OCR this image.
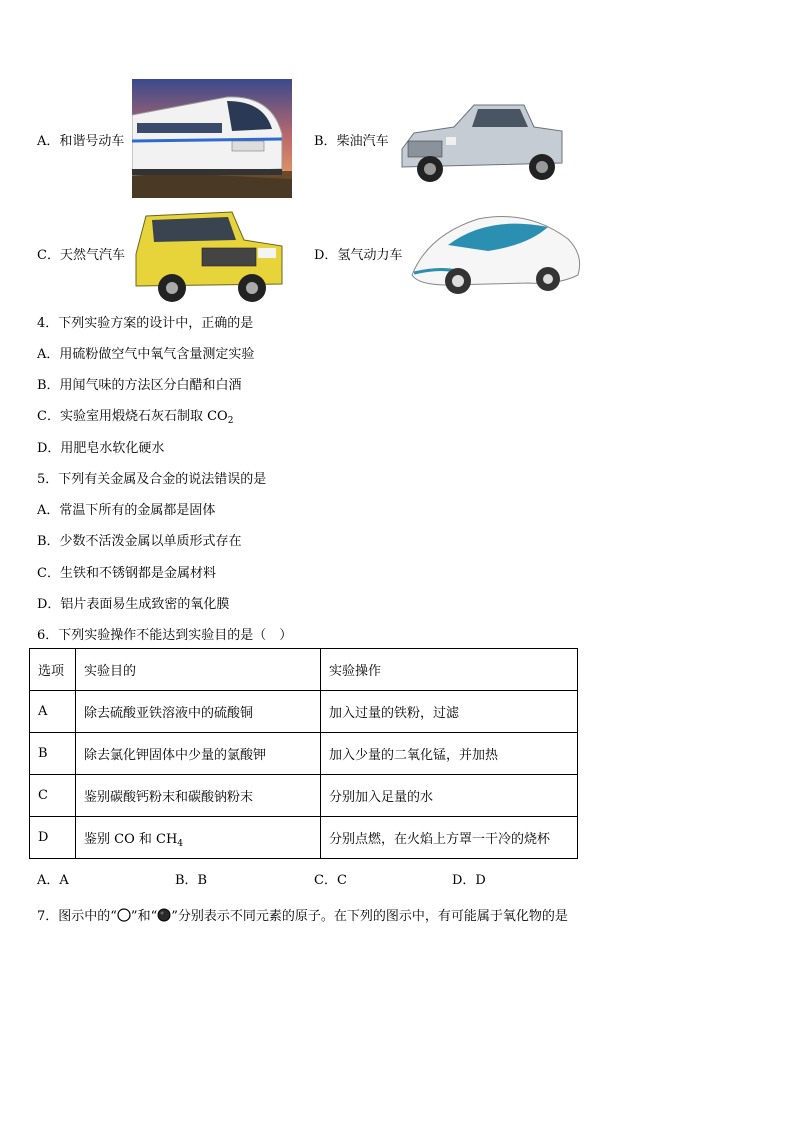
A．和谐号动车	B．柴油汽车
C．天然气汽车	D．氢气动力车
4．下列实验方案的设计中，正确的是
A．用硫粉做空气中氧气含量测定实验
B．用闻气味的方法区分白醋和白酒
C．实验室用煅烧石灰石制取 $CO_2$
D．用肥皂水软化硬水
5．下列有关金属及合金的说法错误的是
A．常温下所有的金属都是固体
B．少数不活泼金属以单质形式存在
C．生铁和不锈钢都是金属材料
D．铝片表面易生成致密的氧化膜
6．下列实验操作不能达到实验目的是（　）
选项	实验目的	实验操作
A	除去硫酸亚铁溶液中的硫酸铜	加入过量的铁粉，过滤
B	除去氯化钾固体中少量的氯酸钾	加入少量的二氧化锰，并加热
C	鉴别碳酸钙粉末和碳酸钠粉末	分别加入足量的水
D	鉴别 CO 和 $CH_4$	分别点燃，在火焰上方罩一干冷的烧杯
A．A	B．B	C．C	D．D
7．图示中的“ ”和“ ”分别表示不同元素的原子。在下列的图示中，有可能属于氧化物的是
